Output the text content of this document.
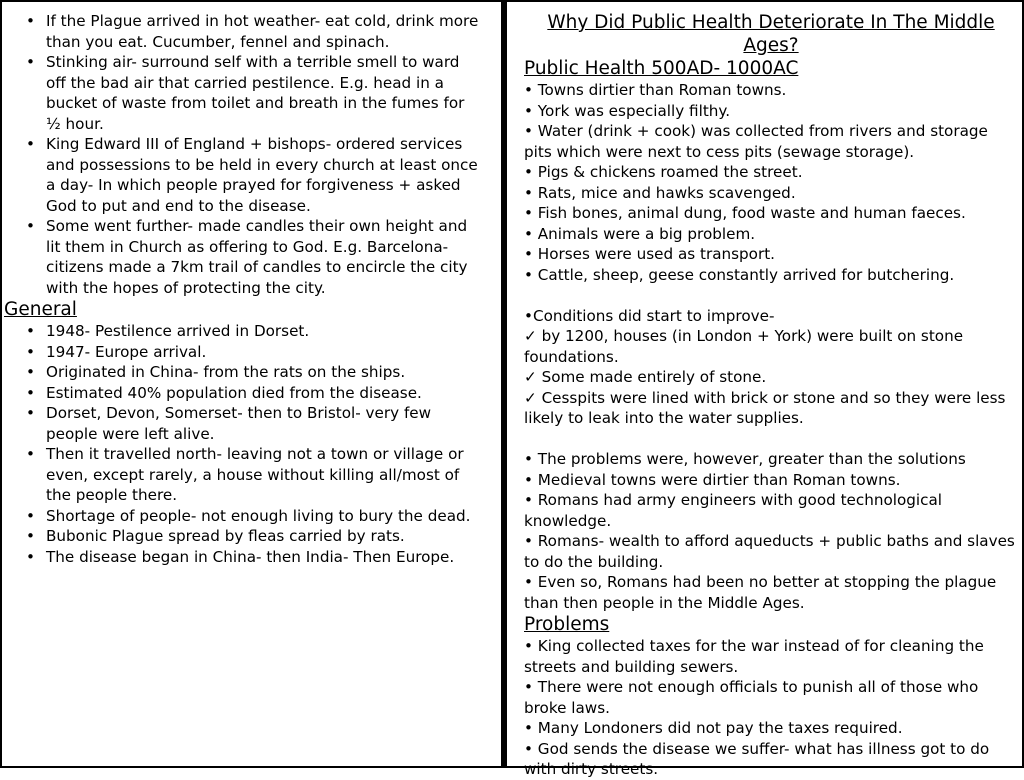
• If the Plague arrived in hot weather- eat cold, drink more than you eat. Cucumber, fennel and spinach.
• Stinking air- surround self with a terrible smell to ward off the bad air that carried pestilence. E.g. head in a bucket of waste from toilet and breath in the fumes for ½ hour.
• King Edward III of England + bishops- ordered services and possessions to be held in every church at least once a day- In which people prayed for forgiveness + asked God to put and end to the disease.
• Some went further- made candles their own height and lit them in Church as offering to God. E.g. Barcelona- citizens made a 7km trail of candles to encircle the city with the hopes of protecting the city.
General
• 1948- Pestilence arrived in Dorset.
• 1947- Europe arrival.
• Originated in China- from the rats on the ships.
• Estimated 40% population died from the disease.
• Dorset, Devon, Somerset- then to Bristol- very few people were left alive.
• Then it travelled north- leaving not a town or village or even, except rarely, a house without killing all/most of the people there.
• Shortage of people- not enough living to bury the dead.
• Bubonic Plague spread by fleas carried by rats.
• The disease began in China- then India- Then Europe.
Why Did Public Health Deteriorate In The Middle Ages?
Public Health 500AD- 1000AC
• Towns dirtier than Roman towns.
• York was especially filthy.
• Water (drink + cook) was collected from rivers and storage pits which were next to cess pits (sewage storage).
• Pigs & chickens roamed the street.
• Rats, mice and hawks scavenged.
• Fish bones, animal dung, food waste and human faeces.
• Animals were a big problem.
• Horses were used as transport.
• Cattle, sheep, geese constantly arrived for butchering.
•Conditions did start to improve-
✓ by 1200, houses (in London + York) were built on stone foundations.
✓ Some made entirely of stone.
✓ Cesspits were lined with brick or stone and so they were less likely to leak into the water supplies.
• The problems were, however, greater than the solutions
• Medieval towns were dirtier than Roman towns.
• Romans had army engineers with good technological knowledge.
• Romans- wealth to afford aqueducts + public baths and slaves to do the building.
• Even so, Romans had been no better at stopping the plague than then people in the Middle Ages.
Problems
• King collected taxes for the war instead of for cleaning the streets and building sewers.
• There were not enough officials to punish all of those who broke laws.
• Many Londoners did not pay the taxes required.
• God sends the disease we suffer- what has illness got to do with dirty streets.
